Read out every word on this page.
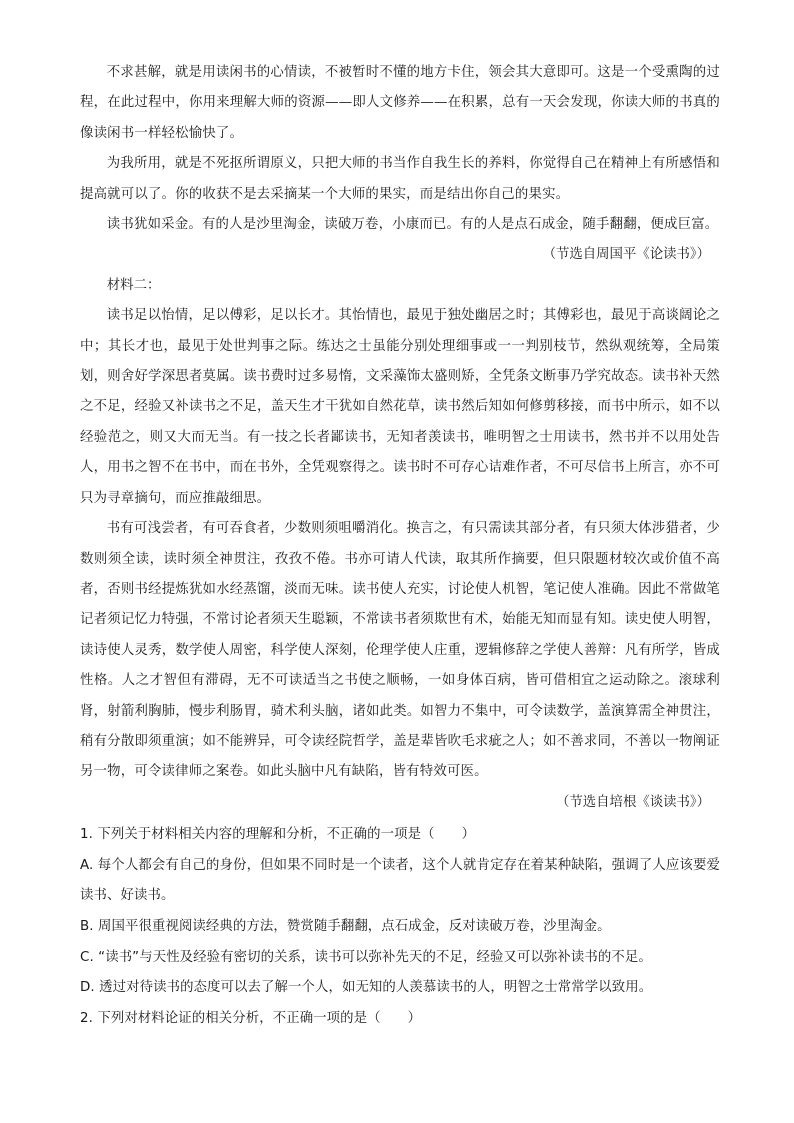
不求甚解，就是用读闲书的心情读，不被暂时不懂的地方卡住，领会其大意即可。这是一个受熏陶的过程，在此过程中，你用来理解大师的资源——即人文修养——在积累，总有一天会发现，你读大师的书真的像读闲书一样轻松愉快了。

为我所用，就是不死抠所谓原义，只把大师的书当作自我生长的养料，你觉得自己在精神上有所感悟和提高就可以了。你的收获不是去采摘某一个大师的果实，而是结出你自己的果实。

读书犹如采金。有的人是沙里淘金，读破万卷，小康而已。有的人是点石成金，随手翻翻，便成巨富。

（节选自周国平《论读书》）

材料二：

读书足以怡情，足以傅彩，足以长才。其怡情也，最见于独处幽居之时；其傅彩也，最见于高谈阔论之中；其长才也，最见于处世判事之际。练达之士虽能分别处理细事或一一判别枝节，然纵观统筹，全局策划，则舍好学深思者莫属。读书费时过多易惰，文采藻饰太盛则矫，全凭条文断事乃学究故态。读书补天然之不足，经验又补读书之不足，盖天生才干犹如自然花草，读书然后知如何修剪移接，而书中所示，如不以经验范之，则又大而无当。有一技之长者鄙读书，无知者羡读书，唯明智之士用读书，然书并不以用处告人，用书之智不在书中，而在书外，全凭观察得之。读书时不可存心诘难作者，不可尽信书上所言，亦不可只为寻章摘句，而应推敲细思。

书有可浅尝者，有可吞食者，少数则须咀嚼消化。换言之，有只需读其部分者，有只须大体涉猎者，少数则须全读，读时须全神贯注，孜孜不倦。书亦可请人代读，取其所作摘要，但只限题材较次或价值不高者，否则书经提炼犹如水经蒸馏，淡而无味。读书使人充实，讨论使人机智，笔记使人准确。因此不常做笔记者须记忆力特强，不常讨论者须天生聪颖，不常读书者须欺世有术，始能无知而显有知。读史使人明智，读诗使人灵秀，数学使人周密，科学使人深刻，伦理学使人庄重，逻辑修辞之学使人善辩：凡有所学，皆成性格。人之才智但有滞碍，无不可读适当之书使之顺畅，一如身体百病，皆可借相宜之运动除之。滚球利肾，射箭利胸肺，慢步利肠胃，骑术利头脑，诸如此类。如智力不集中，可令读数学，盖演算需全神贯注，稍有分散即须重演；如不能辨异，可令读经院哲学，盖是辈皆吹毛求疵之人；如不善求同，不善以一物阐证另一物，可令读律师之案卷。如此头脑中凡有缺陷，皆有特效可医。

（节选自培根《谈读书》）

1. 下列关于材料相关内容的理解和分析，不正确的一项是（　　）

A. 每个人都会有自己的身份，但如果不同时是一个读者，这个人就肯定存在着某种缺陷，强调了人应该要爱读书、好读书。

B. 周国平很重视阅读经典的方法，赞赏随手翻翻，点石成金，反对读破万卷，沙里淘金。

C. “读书”与天性及经验有密切的关系，读书可以弥补先天的不足，经验又可以弥补读书的不足。

D. 透过对待读书的态度可以去了解一个人，如无知的人羡慕读书的人，明智之士常常学以致用。

2. 下列对材料论证的相关分析，不正确一项的是（　　）
